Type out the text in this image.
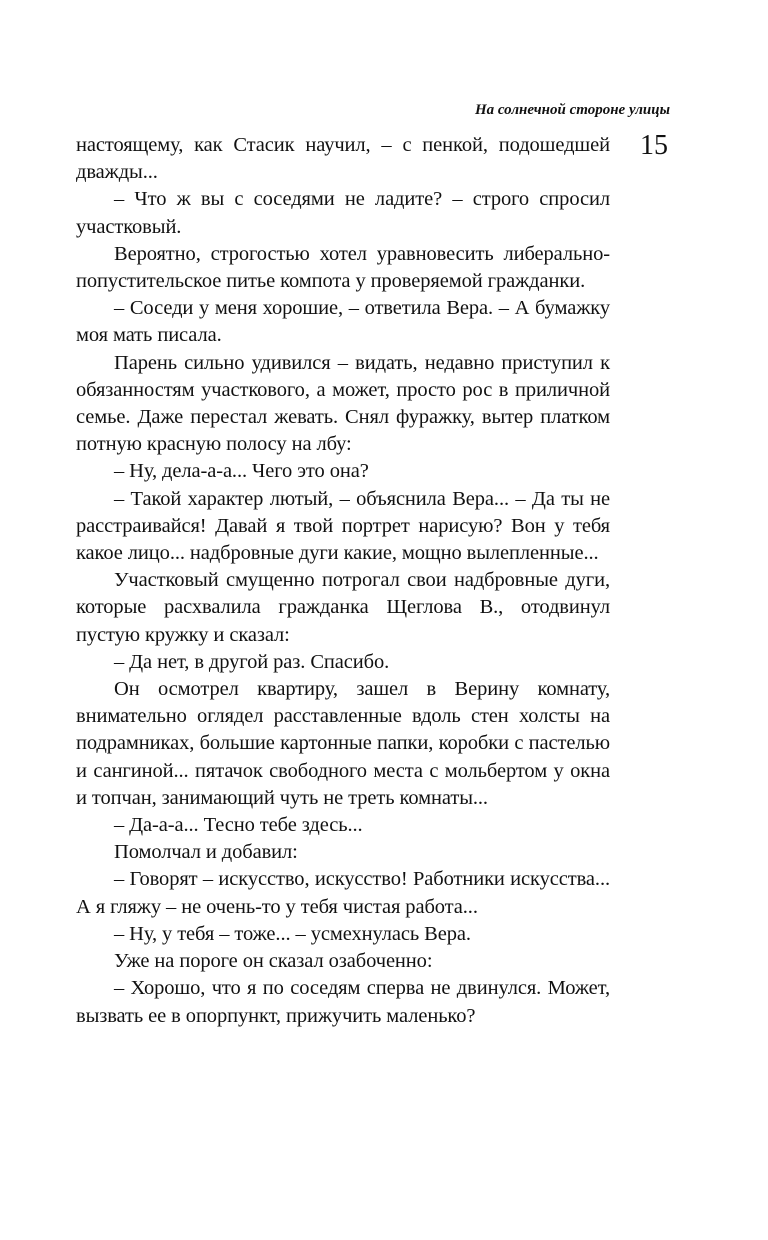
На солнечной стороне улицы
15

настоящему, как Стасик научил, – с пенкой, подошедшей дважды...

– Что ж вы с соседями не ладите? – строго спросил участковый.

Вероятно, строгостью хотел уравновесить либерально-попустительское питье компота у проверяемой гражданки.

– Соседи у меня хорошие, – ответила Вера. – А бумажку моя мать писала.

Парень сильно удивился – видать, недавно приступил к обязанностям участкового, а может, просто рос в приличной семье. Даже перестал жевать. Снял фуражку, вытер платком потную красную полосу на лбу:

– Ну, дела-а-а... Чего это она?

– Такой характер лютый, – объяснила Вера... – Да ты не расстраивайся! Давай я твой портрет нарисую? Вон у тебя какое лицо... надбровные дуги какие, мощно вылепленные...

Участковый смущенно потрогал свои надбровные дуги, которые расхвалила гражданка Щеглова В., отодвинул пустую кружку и сказал:

– Да нет, в другой раз. Спасибо.

Он осмотрел квартиру, зашел в Верину комнату, внимательно оглядел расставленные вдоль стен холсты на подрамниках, большие картонные папки, коробки с пастелью и сангиной... пятачок свободного места с мольбертом у окна и топчан, занимающий чуть не треть комнаты...

– Да-а-а... Тесно тебе здесь...

Помолчал и добавил:

– Говорят – искусство, искусство! Работники искусства... А я гляжу – не очень-то у тебя чистая работа...

– Ну, у тебя – тоже... – усмехнулась Вера.

Уже на пороге он сказал озабоченно:

– Хорошо, что я по соседям сперва не двинулся. Может, вызвать ее в опорпункт, прижучить маленько?
